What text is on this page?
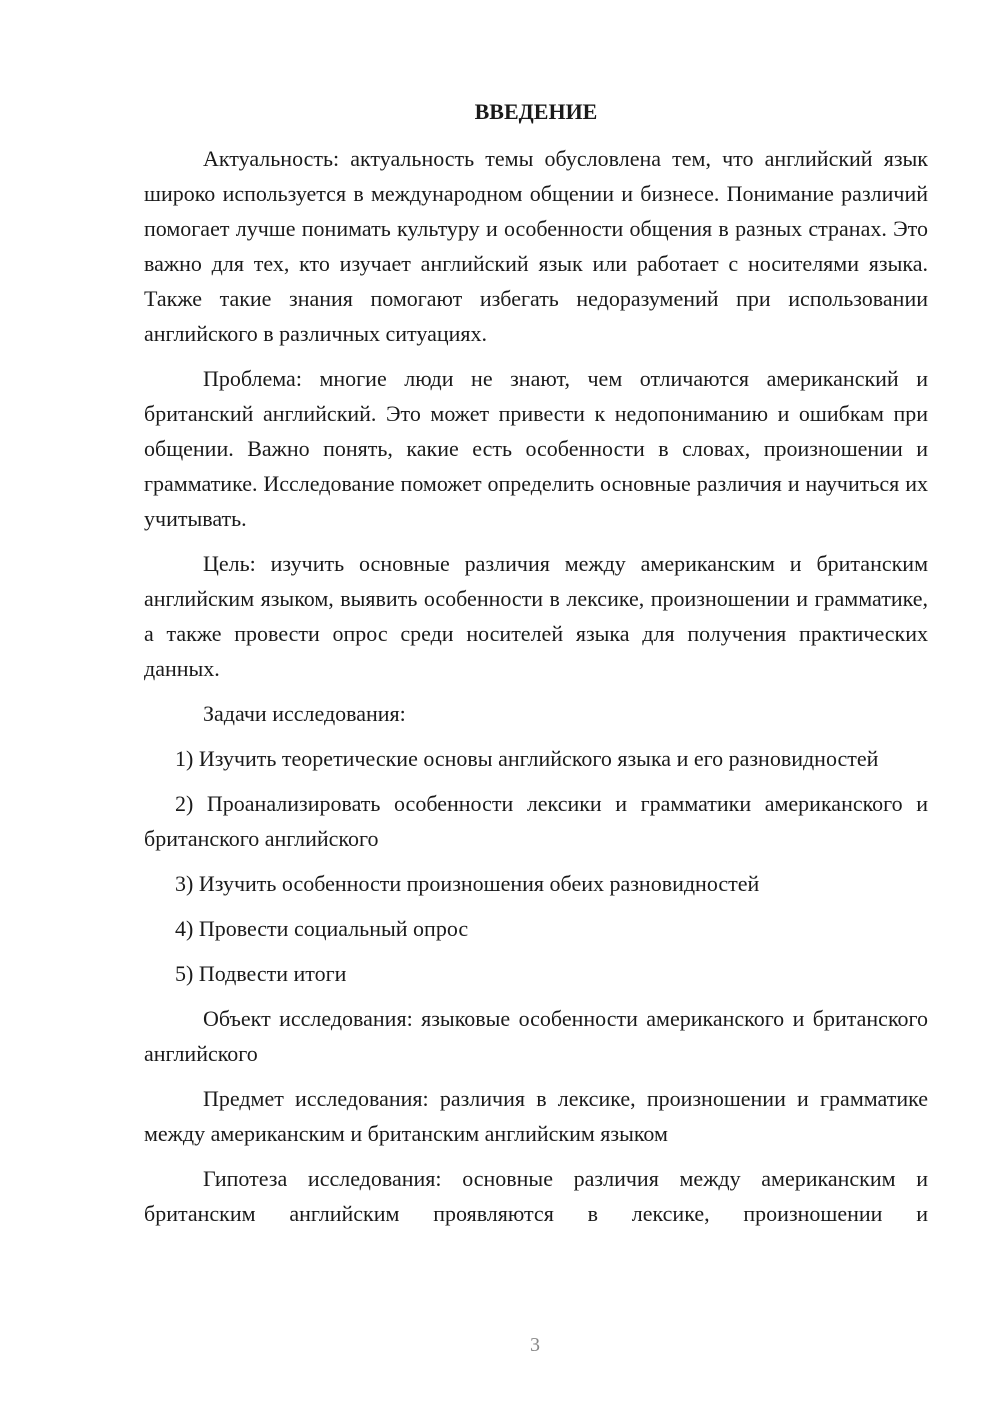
ВВЕДЕНИЕ

Актуальность: актуальность темы обусловлена тем, что английский язык широко используется в международном общении и бизнесе. Понимание различий помогает лучше понимать культуру и особенности общения в разных странах. Это важно для тех, кто изучает английский язык или работает с носителями языка. Также такие знания помогают избегать недоразумений при использовании английского в различных ситуациях.

Проблема: многие люди не знают, чем отличаются американский и британский английский. Это может привести к недопониманию и ошибкам при общении. Важно понять, какие есть особенности в словах, произношении и грамматике. Исследование поможет определить основные различия и научиться их учитывать.

Цель: изучить основные различия между американским и британским английским языком, выявить особенности в лексике, произношении и грамматике, а также провести опрос среди носителей языка для получения практических данных.

Задачи исследования:

1) Изучить теоретические основы английского языка и его разновидностей

2) Проанализировать особенности лексики и грамматики американского и британского английского

3) Изучить особенности произношения обеих разновидностей

4) Провести социальный опрос

5) Подвести итоги

Объект исследования: языковые особенности американского и британского английского

Предмет исследования: различия в лексике, произношении и грамматике между американским и британским английским языком

Гипотеза исследования: основные различия между американским и британским английским проявляются в лексике, произношении и

3
